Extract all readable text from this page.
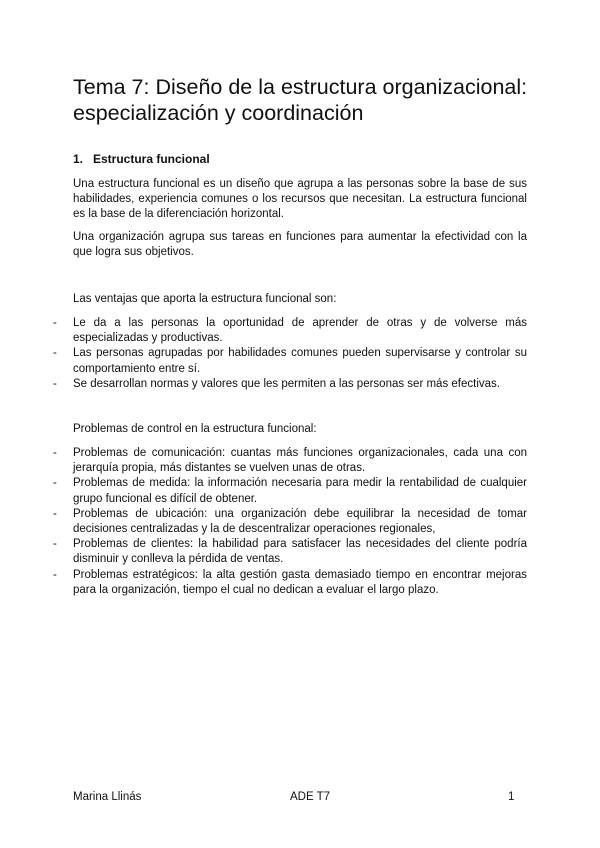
Tema 7: Diseño de la estructura organizacional: especialización y coordinación
1. Estructura funcional

Una estructura funcional es un diseño que agrupa a las personas sobre la base de sus habilidades, experiencia comunes o los recursos que necesitan. La estructura funcional es la base de la diferenciación horizontal.

Una organización agrupa sus tareas en funciones para aumentar la efectividad con la que logra sus objetivos.

Las ventajas que aporta la estructura funcional son:

- Le da a las personas la oportunidad de aprender de otras y de volverse más especializadas y productivas.
- Las personas agrupadas por habilidades comunes pueden supervisarse y controlar su comportamiento entre sí.
- Se desarrollan normas y valores que les permiten a las personas ser más efectivas.

Problemas de control en la estructura funcional:

- Problemas de comunicación: cuantas más funciones organizacionales, cada una con jerarquía propia, más distantes se vuelven unas de otras.
- Problemas de medida: la información necesaria para medir la rentabilidad de cualquier grupo funcional es difícil de obtener.
- Problemas de ubicación: una organización debe equilibrar la necesidad de tomar decisiones centralizadas y la de descentralizar operaciones regionales,
- Problemas de clientes: la habilidad para satisfacer las necesidades del cliente podría disminuir y conlleva la pérdida de ventas.
- Problemas estratégicos: la alta gestión gasta demasiado tiempo en encontrar mejoras para la organización, tiempo el cual no dedican a evaluar el largo plazo.
Marina Llinás	ADE T7	1
